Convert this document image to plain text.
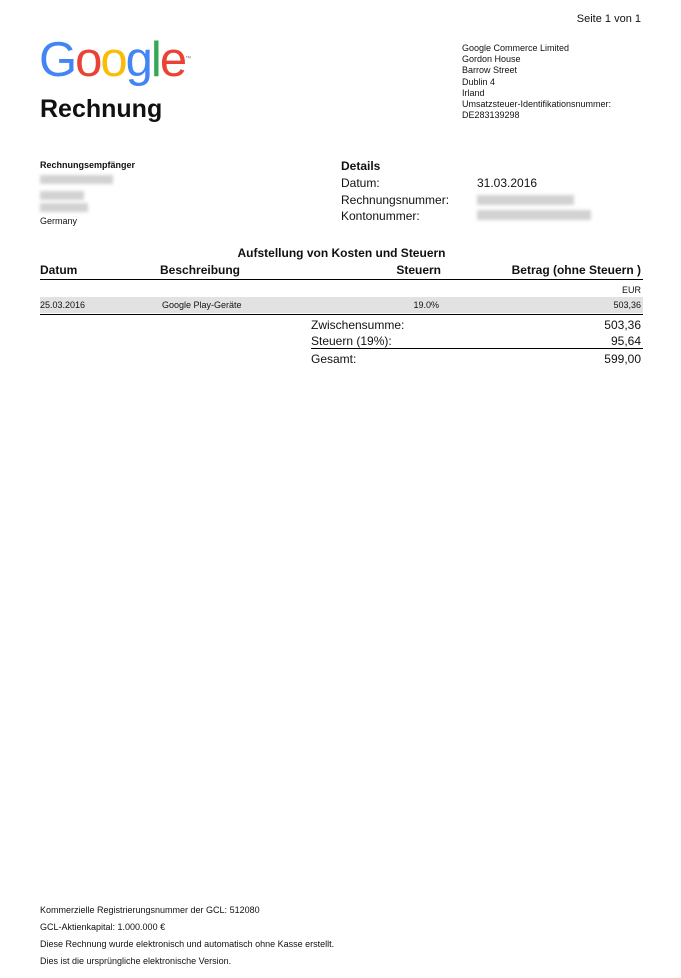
Seite 1 von 1
Google™
Rechnung
Google Commerce Limited
Gordon House
Barrow Street
Dublin 4
Irland
Umsatzsteuer-Identifikationsnummer:
DE283139298
Rechnungsempfänger
Germany
Details
Datum:	31.03.2016
Rechnungsnummer:
Kontonummer:
Aufstellung von Kosten und Steuern
Datum	Beschreibung	Steuern	Betrag (ohne Steuern )
EUR
25.03.2016	Google Play-Geräte	19.0%	503,36
Zwischensumme:	503,36
Steuern (19%):	95,64
Gesamt:	599,00
Kommerzielle Registrierungsnummer der GCL: 512080
GCL-Aktienkapital: 1.000.000 €
Diese Rechnung wurde elektronisch und automatisch ohne Kasse erstellt.
Dies ist die ursprüngliche elektronische Version.
